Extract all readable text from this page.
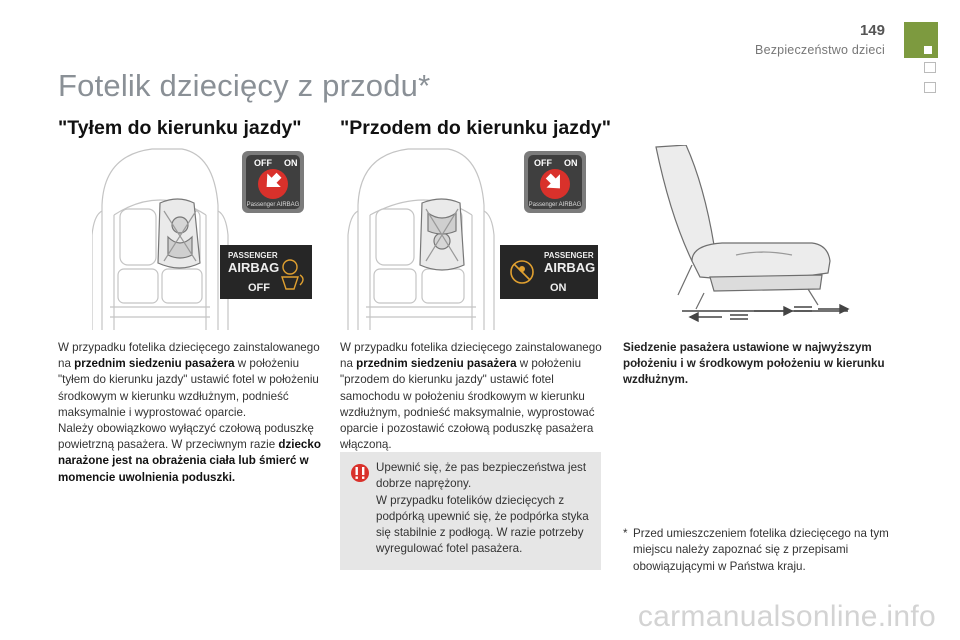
149
Bezpieczeństwo dzieci
Fotelik dziecięcy z przodu*
"Tyłem do kierunku jazdy" "Przodem do kierunku jazdy"
OFF ON
Passenger AIRBAG
PASSENGER
AIRBAG
OFF
OFF ON
Passenger AIRBAG
PASSENGER
AIRBAG
ON
W przypadku fotelika dziecięcego zainstalowanego na przednim siedzeniu pasażera w położeniu "tyłem do kierunku jazdy" ustawić fotel w położeniu środkowym w kierunku wzdłużnym, podnieść maksymalnie i wyprostować oparcie.
Należy obowiązkowo wyłączyć czołową poduszkę powietrzną pasażera. W przeciwnym razie dziecko narażone jest na obrażenia ciała lub śmierć w momencie uwolnienia poduszki.
W przypadku fotelika dziecięcego zainstalowanego na przednim siedzeniu pasażera w położeniu "przodem do kierunku jazdy" ustawić fotel samochodu w położeniu środkowym w kierunku wzdłużnym, podnieść maksymalnie, wyprostować oparcie i pozostawić czołową poduszkę pasażera włączoną.
Upewnić się, że pas bezpieczeństwa jest dobrze naprężony.
W przypadku fotelików dziecięcych z podpórką upewnić się, że podpórka styka się stabilnie z podłogą. W razie potrzeby wyregulować fotel pasażera.
Siedzenie pasażera ustawione w najwyższym położeniu i w środkowym położeniu w kierunku wzdłużnym.
* Przed umieszczeniem fotelika dziecięcego na tym miejscu należy zapoznać się z przepisami obowiązującymi w Państwa kraju.
carmanualsonline.info
